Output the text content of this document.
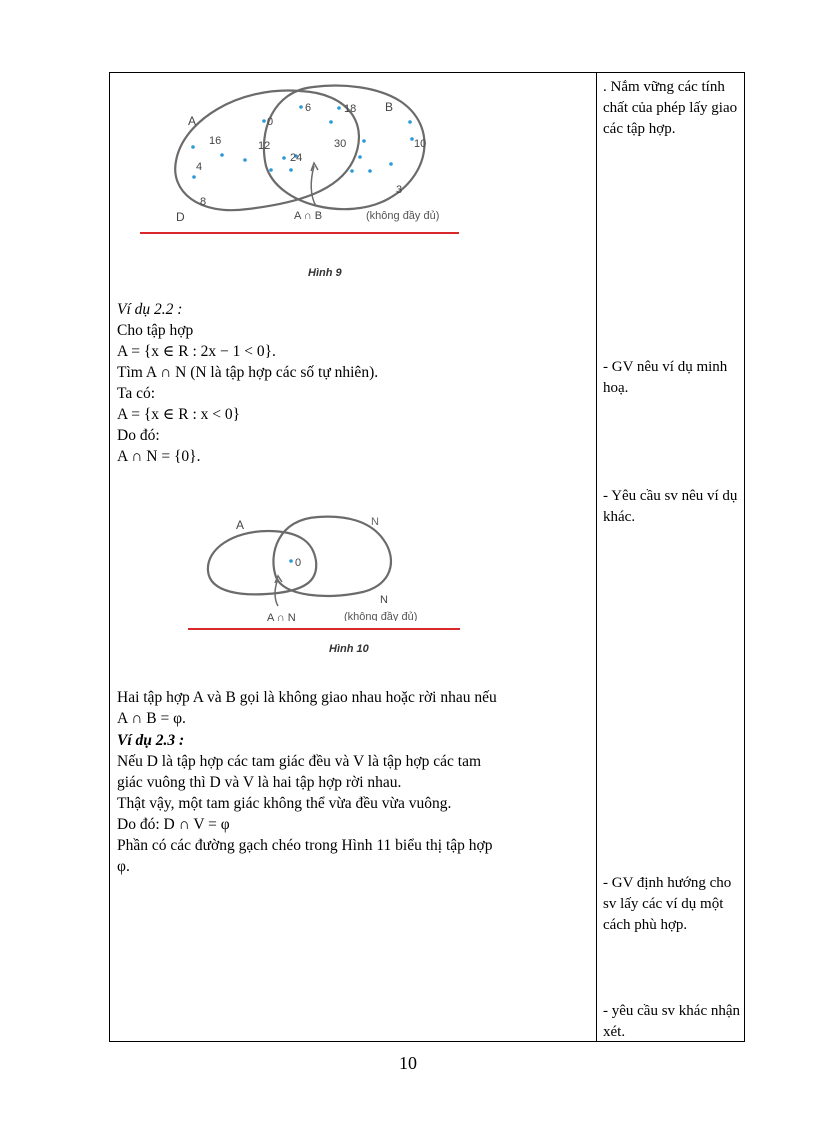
A
B
D	A ∩ B	(không đầy đủ)
0
6	18
16	12
24
30	10
4
8
3
Hình 9
Ví dụ 2.2 :
Cho tập hợp
A = {x ∈ R : 2x − 1 < 0}.
Tìm A ∩ N (N là tập hợp các số tự nhiên).
Ta có:
A = {x ∈ R : x < 0}
Do đó:
A ∩ N = {0}.
A	N
N
0
A ∩ N	(không đầy đủ)
Hình 10
Hai tập hợp A và B gọi là không giao nhau hoặc rời nhau nếu
A ∩ B = φ.
Ví dụ 2.3 :
Nếu D là tập hợp các tam giác đều và V là tập hợp các tam
giác vuông thì D và V là hai tập hợp rời nhau.
Thật vậy, một tam giác không thể vừa đều vừa vuông.
Do đó: D ∩ V = φ
Phần có các đường gạch chéo trong Hình 11 biểu thị tập hợp
φ.
. Nắm vững các tính chất của phép lấy giao các tập hợp.
- GV nêu ví dụ minh hoạ.
- Yêu cầu sv nêu ví dụ khác.
- GV định hướng cho sv lấy các ví dụ một cách phù hợp.
- yêu cầu sv khác nhận xét.
10
